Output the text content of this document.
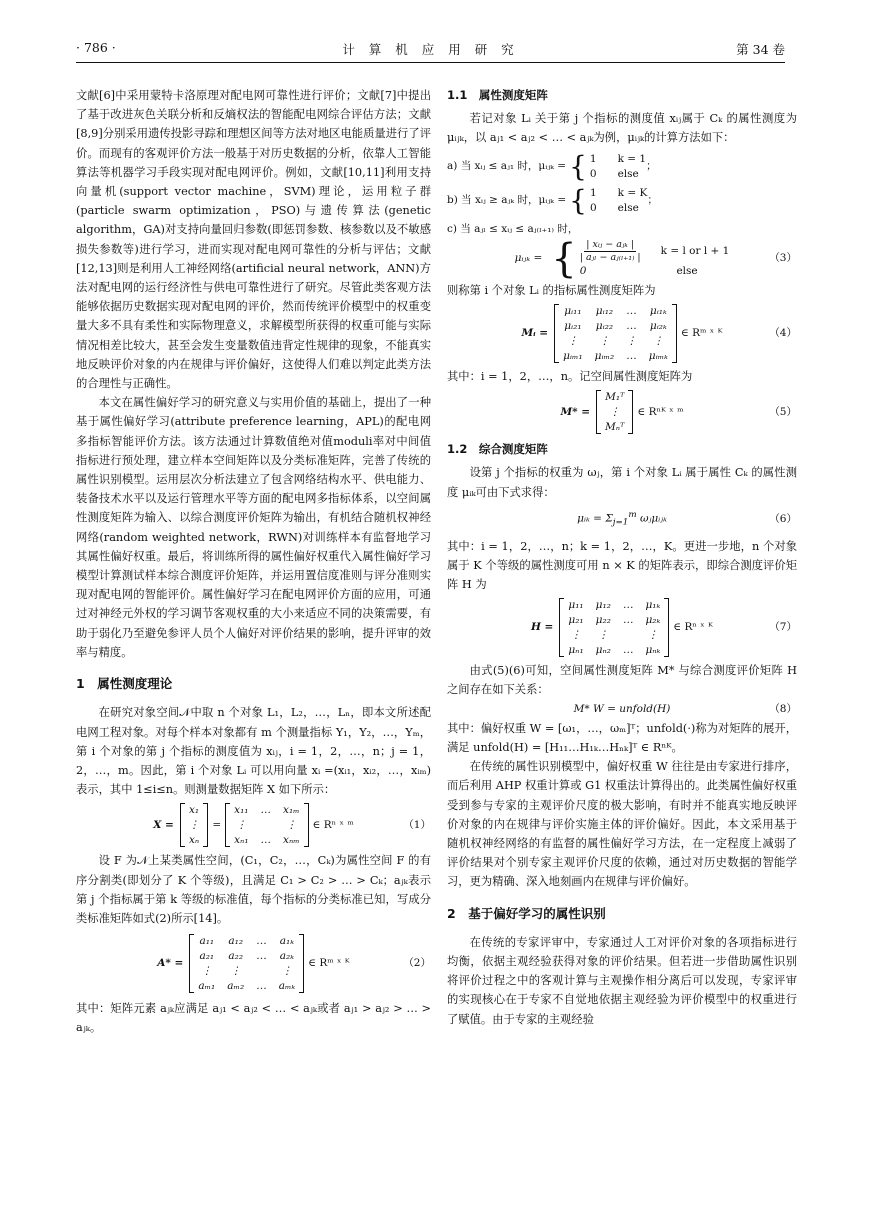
· 786 ·	计 算 机 应 用 研 究	第 34 卷

文献[6]中采用蒙特卡洛原理对配电网可靠性进行评价；文献[7]中提出了基于改进灰色关联分析和反熵权法的智能配电网综合评估方法；文献[8,9]分别采用遗传投影寻踪和理想区间等方法对地区电能质量进行了评价。而现有的客观评价方法一般基于对历史数据的分析，依靠人工智能算法等机器学习手段实现对配电网评价。例如，文献[10,11]利用支持向量机(support vector machine，SVM)理论，运用粒子群(particle swarm optimization，PSO)与遗传算法(genetic algorithm，GA)对支持向量回归参数(即惩罚参数、核参数以及不敏感损失参数等)进行学习，进而实现对配电网可靠性的分析与评估；文献[12,13]则是利用人工神经网络(artificial neural network，ANN)方法对配电网的运行经济性与供电可靠性进行了研究。尽管此类客观方法能够依据历史数据实现对配电网的评价，然而传统评价模型中的权重变量大多不具有柔性和实际物理意义，求解模型所获得的权重可能与实际情况相差比较大，甚至会发生变量数值违背定性规律的现象，不能真实地反映评价对象的内在规律与评价偏好，这使得人们难以判定此类方法的合理性与正确性。

本文在属性偏好学习的研究意义与实用价值的基础上，提出了一种基于属性偏好学习(attribute preference learning，APL)的配电网多指标智能评价方法。该方法通过计算数值绝对值moduli率对中间值指标进行预处理，建立样本空间矩阵以及分类标准矩阵，完善了传统的属性识别模型。运用层次分析法建立了包含网络结构水平、供电能力、装备技术水平以及运行管理水平等方面的配电网多指标体系，以空间属性测度矩阵为输入、以综合测度评价矩阵为输出，有机结合随机权神经网络(random weighted network，RWN)对训练样本有监督地学习其属性偏好权重。最后，将训练所得的属性偏好权重代入属性偏好学习模型计算测试样本综合测度评价矩阵，并运用置信度准则与评分准则实现对配电网的智能评价。属性偏好学习在配电网评价方面的应用，可通过对神经元外权的学习调节客观权重的大小来适应不同的决策需要，有助于弱化乃至避免参评人员个人偏好对评价结果的影响，提升评审的效率与精度。

1　属性测度理论

在研究对象空间𝒩中取 n 个对象 L₁，L₂，…，Lₙ，即本文所述配电网工程对象。对每个样本对象都有 m 个测量指标 Y₁，Y₂，…，Yₘ，第 i 个对象的第 j 个指标的测度值为 xᵢⱼ，i = 1，2，…，n；j = 1，2，…，m。因此，第 i 个对象 Lᵢ 可以用向量 xᵢ =(xᵢ₁，xᵢ₂，…，xᵢₘ)表示，其中 1≤i≤n。则测量数据矩阵 X 如下所示：

X =
x₁
⋮
xₙ
=
x₁₁ … x₁ₘ
⋮	⋮
xₙ₁ … xₙₘ
∈ Rⁿ ˣ ᵐ	（1）

设 F 为𝒩上某类属性空间，(C₁，C₂，…，Cₖ)为属性空间 F 的有序分割类(即划分了 K 个等级)，且满足 C₁ > C₂ > … > Cₖ；aⱼₖ表示第 j 个指标属于第 k 等级的标准值，每个指标的分类标准已知，写成分类标准矩阵如式(2)所示[14]。

A* =
a₁₁ a₁₂ … a₁ₖ
a₂₁ a₂₂ … a₂ₖ
⋮	⋮	⋮
aₘ₁ aₘ₂ … aₘₖ
∈ Rᵐ ˣ ᴷ	（2）

其中：矩阵元素 aⱼₖ应满足 aⱼ₁ < aⱼ₂ < … < aⱼₖ或者 aⱼ₁ > aⱼ₂ > … > aⱼₖ。

1.1　属性测度矩阵

若记对象 Lᵢ 关于第 j 个指标的测度值 xᵢⱼ属于 Cₖ 的属性测度为 μᵢⱼₖ，以 aⱼ₁ < aⱼ₂ < … < aⱼₖ为例，μᵢⱼₖ的计算方法如下：

a) 当 xᵢⱼ ≤ aⱼ₁ 时，μᵢⱼₖ = { 1　　k = 1
0　　else
；
b) 当 xᵢⱼ ≥ aⱼₖ 时，μᵢⱼₖ = { 1　　k = K
0　　else
；
c) 当 aⱼₗ ≤ xᵢⱼ ≤ aⱼ₍ₗ₊₁₎ 时，
μᵢⱼₖ = { $\frac{\text{| xᵢⱼ − aⱼₖ |}}{\text{| aⱼₗ − aⱼ₍ₗ₊₁₎ |}}$ k = l or l + 1
0	else
（3）

则称第 i 个对象 Lᵢ 的指标属性测度矩阵为

Mᵢ =
μᵢ₁₁ μᵢ₁₂ … μᵢ₁ₖ
μᵢ₂₁ μᵢ₂₂ … μᵢ₂ₖ
⋮	⋮	⋮	⋮
μᵢₘ₁ μᵢₘ₂ … μᵢₘₖ
∈ Rᵐ ˣ ᴷ	（4）

其中：i = 1，2，…，n。记空间属性测度矩阵为

M* =
M₁ᵀ
⋮
Mₙᵀ
∈ Rⁿᴷ ˣ ᵐ	（5）
1.2　综合测度矩阵

设第 j 个指标的权重为 ωⱼ，第 i 个对象 Lᵢ 属于属性 Cₖ 的属性测度 μᵢₖ可由下式求得：

μᵢₖ = $\Sigma_{j=1}^m$ ωⱼμᵢⱼₖ	（6）

其中：i = 1，2，…，n；k = 1，2，…，K。更进一步地，n 个对象属于 K 个等级的属性测度可用 n × K 的矩阵表示，即综合测度评价矩阵 H 为

H =
μ₁₁ μ₁₂ … μ₁ₖ
μ₂₁ μ₂₂ … μ₂ₖ
⋮ ⋮	⋮
μₙ₁ μₙ₂ … μₙₖ
∈ Rⁿ ˣ ᴷ	（7）

由式(5)(6)可知，空间属性测度矩阵 M* 与综合测度评价矩阵 H 之间存在如下关系：

M* W = unfold(H)	（8）

其中：偏好权重 W = [ω₁，…，ωₘ]ᵀ；unfold(·)称为对矩阵的展开，满足 unfold(H) = [H₁₁…H₁ₖ…Hₙₖ]ᵀ ∈ Rⁿᴷ。

在传统的属性识别模型中，偏好权重 W 往往是由专家进行排序，而后利用 AHP 权重计算或 G1 权重法计算得出的。此类属性偏好权重受到参与专家的主观评价尺度的极大影响，有时并不能真实地反映评价对象的内在规律与评价实施主体的评价偏好。因此，本文采用基于随机权神经网络的有监督的属性偏好学习方法，在一定程度上减弱了评价结果对个别专家主观评价尺度的依赖，通过对历史数据的智能学习，更为精确、深入地刻画内在规律与评价偏好。

2　基于偏好学习的属性识别

在传统的专家评审中，专家通过人工对评价对象的各项指标进行均衡，依据主观经验获得对象的评价结果。但若进一步借助属性识别将评价过程之中的客观计算与主观操作相分离后可以发现，专家评审的实现核心在于专家不自觉地依据主观经验为评价模型中的权重进行了赋值。由于专家的主观经验
